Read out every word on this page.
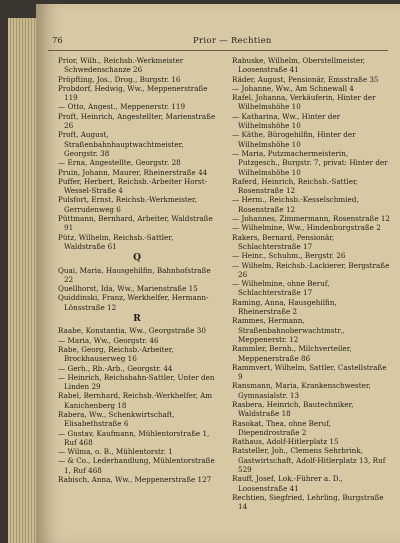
76	Prior — Rechtien
Prior, Wilh., Reichsb.-Werkmeister Schwedenschanze 26
Pröpfting, Jos., Drog., Burgstr. 16
Probdorf, Hedwig, Ww., Meppenerstraße 119
— Otto, Angest., Meppenerstr. 119
Proft, Heinrich, Angestellter, Marienstraße 26
Proft, August, Straßenbahnhauptwachtmeister, Georgstr. 38
— Erna, Angestellte, Georgstr. 28
Pruin, Johann, Maurer, Rheinerstraße 44
Puffer, Herbert, Reichsb.-Arbeiter Horst-Wessel-Straße 4
Pulsfort, Ernst, Reichsb.-Werkmeister, Gerrudenweg 6
Püttmann, Bernhard, Arbeiter, Waldstraße 91
Pütz, Wilhelm, Reichsb.-Sattler, Waldstraße 61
Q
Quai, Maria, Hausgehilfin, Bahnhofstraße 22
Quellhorst, Ida, Ww., Marienstraße 15
Quiddinski, Franz, Werkhelfer, Hermann-Lönsstraße 12
R
Raabe, Konstantia, Ww., Georgstraße 30
— Maria, Ww., Georgstr. 46
Rabe, Georg, Reichsb.-Arbeiter, Brockhauserweg 16
— Gerh., Rb.-Arb., Georgstr. 44
— Heinrich, Reichsbahn-Sattler, Unter den Linden 29
Rabel, Bernhard, Reichsb.-Werkhelfer, Am Kanichenberg 18
Rabera, Ww., Schenkwirtschaft, Elisabethstraße 6
— Gustav, Kaufmann, Mühlentorstraße 1, Ruf 468
— Wilma, o. B., Mühlentorstr. 1
— & Co., Lederhandlung, Mühlentorstraße 1, Ruf 468
Rabisch, Anna, Ww., Meppenerstraße 127
Rabuske, Wilhelm, Oberstellmeister, Loosenstraße 41
Räder, August, Pensionär, Emsstraße 35
— Johanne, Ww., Am Schnewall 4
Rafel, Johanna, Verkäuferin, Hinter der Wilhelmshöhe 10
— Katharina, Ww., Hinter der Wilhelmshöhe 10
— Käthe, Bürogehilfin, Hinter der Wilhelmshöhe 10
— Maria, Putzmachermeisterin, Putzgesch., Burgstr. 7, privat: Hinter der Wilhelmshöhe 10
Raferd, Heinrich, Reichsb.-Sattler, Rosenstraße 12
— Herm., Reichsb.-Kesselschmied, Rosenstraße 12
— Johannes, Zimmermann, Rosenstraße 12
— Wilhelmine, Ww., Hindenburgstraße 2
Rakers, Bernard, Pensionär, Schlachterstraße 17
— Heinr., Schuhm., Bergstr. 26
— Wilhelm, Reichsb.-Lackierer, Bergstraße 26
— Wilhelmine, ohne Beruf, Schlachterstraße 17
Raming, Anna, Hausgehilfin, Rheinerstraße 2
Rammes, Hermann, Straßenbahnoberwachtmstr., Meppenerstr. 12
Rammler, Bernh., Milchverteiler, Meppenerstraße 86
Rammvert, Wilhelm, Sattler, Castellstraße 9
Ransmann, Maria, Krankenschwester, Gymnasialstr. 13
Rasbera, Heinrich, Bautechniker, Waldstraße 18
Rasokat, Thea, ohne Beruf, Diependrostraße 2
Rathaus, Adolf-Hitlerplatz 15
Ratsteller, Joh., Clemens Sehrbrink, Gastwirtschaft, Adolf-Hitlerplatz 13, Ruf 529
Rauff, Josef, Lok.-Führer a. D., Loosenstraße 41
Rechtien, Siegfried, Lehrling, Burgstraße 14
